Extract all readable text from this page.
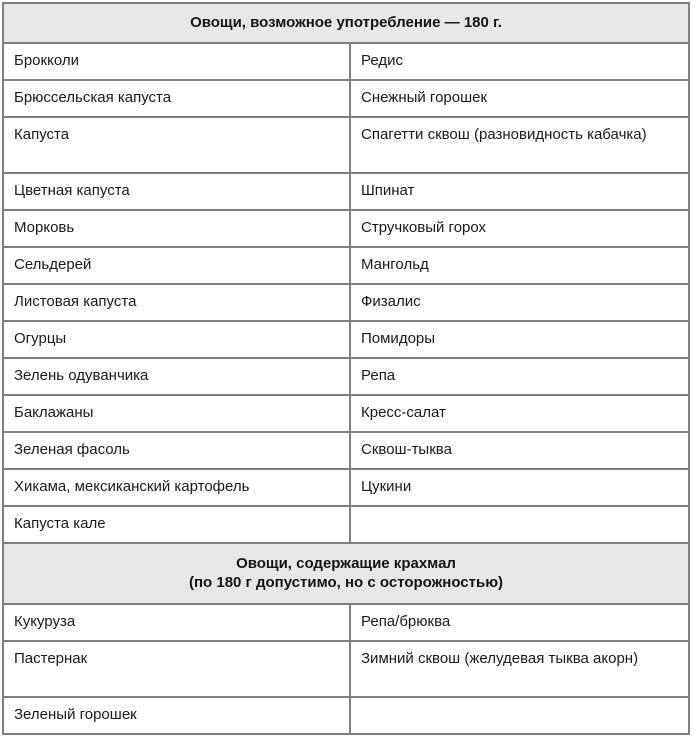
Овощи, возможное употребление — 180 г.	

Брокколи	Редис

Брюссельская капуста	Снежный горошек

Капуста	Спагетти сквош (разновидность кабачка)

Цветная капуста	Шпинат

Морковь	Стручковый горох

Сельдерей	Мангольд

Листовая капуста	Физалис

Огурцы	Помидоры

Зелень одуванчика	Репа

Баклажаны	Кресс-салат

Зеленая фасоль	Сквош-тыква

Хикама, мексиканский картофель	Цукини

Капуста кале	

Овощи, содержащие крахмал
(по 180 г допустимо, но с осторожностью)	

Кукуруза	Репа/брюква

Пастернак	Зимний сквош (желудевая тыква акорн)

Зеленый горошек	
